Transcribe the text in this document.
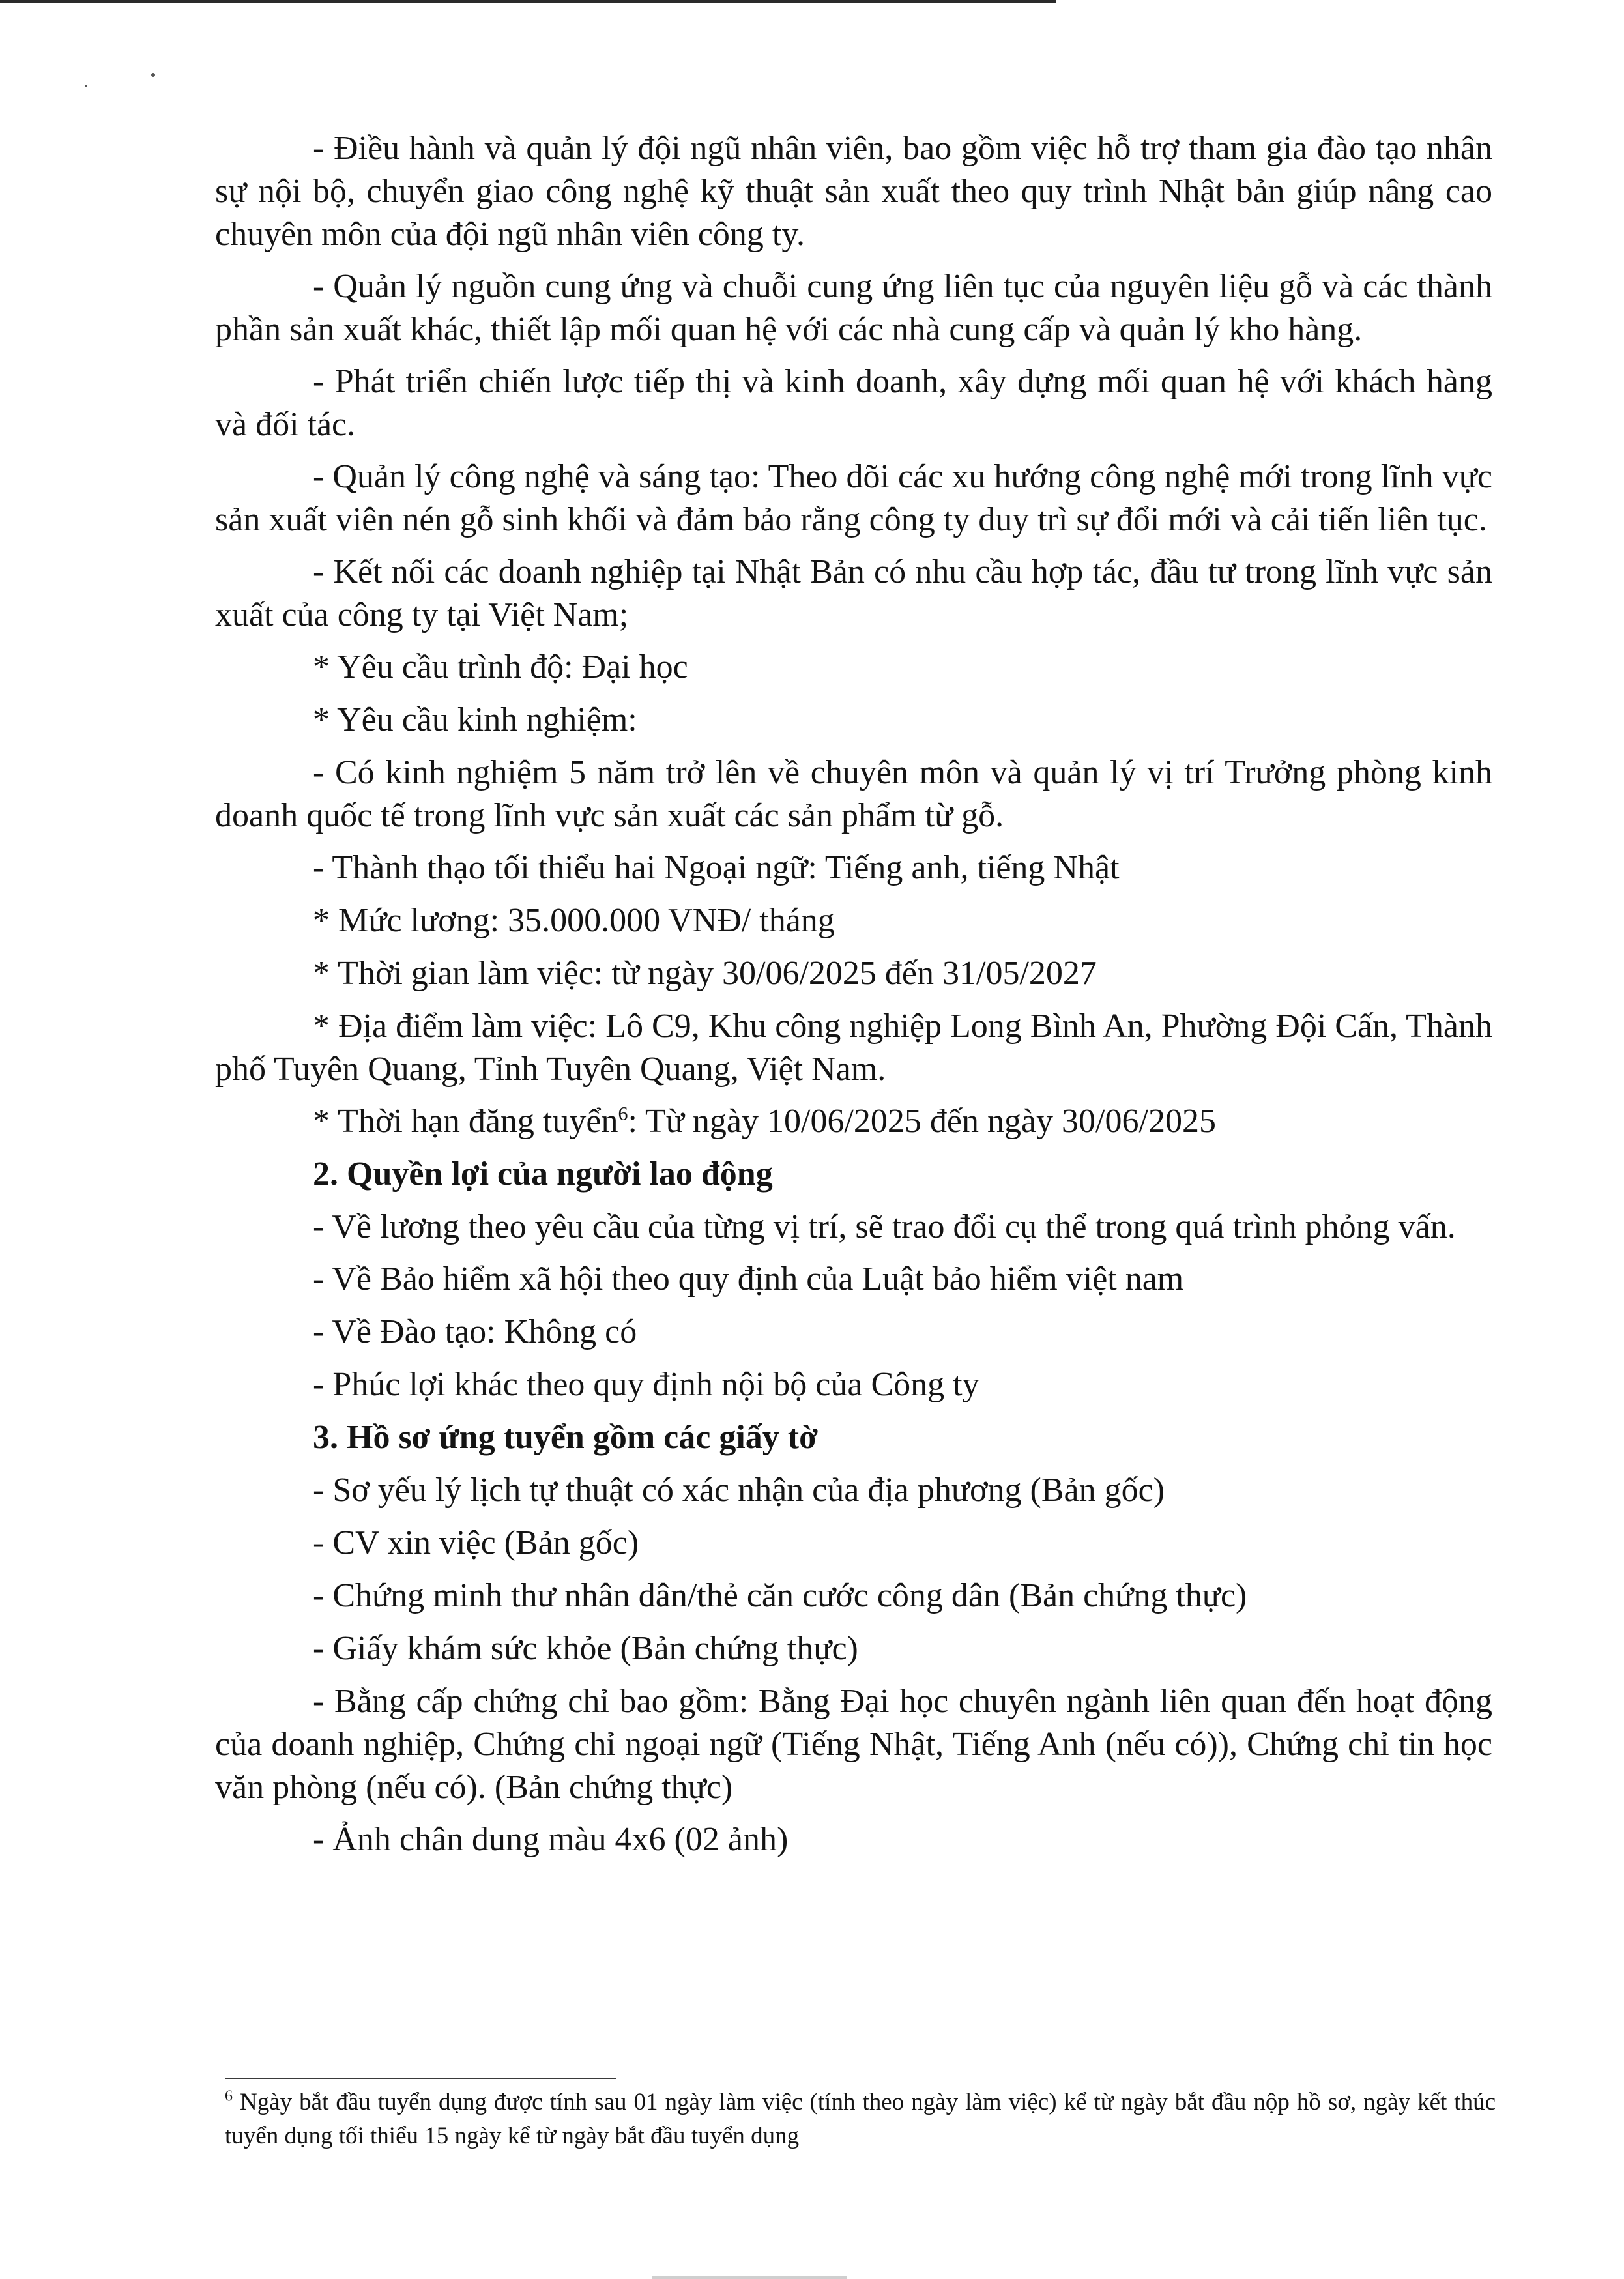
- Điều hành và quản lý đội ngũ nhân viên, bao gồm việc hỗ trợ tham gia đào tạo nhân sự nội bộ, chuyển giao công nghệ kỹ thuật sản xuất theo quy trình Nhật bản giúp nâng cao chuyên môn của đội ngũ nhân viên công ty.

- Quản lý nguồn cung ứng và chuỗi cung ứng liên tục của nguyên liệu gỗ và các thành phần sản xuất khác, thiết lập mối quan hệ với các nhà cung cấp và quản lý kho hàng.

- Phát triển chiến lược tiếp thị và kinh doanh, xây dựng mối quan hệ với khách hàng và đối tác.

- Quản lý công nghệ và sáng tạo: Theo dõi các xu hướng công nghệ mới trong lĩnh vực sản xuất viên nén gỗ sinh khối và đảm bảo rằng công ty duy trì sự đổi mới và cải tiến liên tục.

- Kết nối các doanh nghiệp tại Nhật Bản có nhu cầu hợp tác, đầu tư trong lĩnh vực sản xuất của công ty tại Việt Nam;

* Yêu cầu trình độ: Đại học
* Yêu cầu kinh nghiệm:

- Có kinh nghiệm 5 năm trở lên về chuyên môn và quản lý vị trí Trưởng phòng kinh doanh quốc tế trong lĩnh vực sản xuất các sản phẩm từ gỗ.

- Thành thạo tối thiểu hai Ngoại ngữ: Tiếng anh, tiếng Nhật
* Mức lương: 35.000.000 VNĐ/ tháng
* Thời gian làm việc: từ ngày 30/06/2025 đến 31/05/2027

* Địa điểm làm việc: Lô C9, Khu công nghiệp Long Bình An, Phường Đội Cấn, Thành phố Tuyên Quang, Tỉnh Tuyên Quang, Việt Nam.

* Thời hạn đăng tuyển$^6$: Từ ngày 10/06/2025 đến ngày 30/06/2025
2. Quyền lợi của người lao động

- Về lương theo yêu cầu của từng vị trí, sẽ trao đổi cụ thể trong quá trình phỏng vấn.

- Về Bảo hiểm xã hội theo quy định của Luật bảo hiểm việt nam
- Về Đào tạo: Không có
- Phúc lợi khác theo quy định nội bộ của Công ty
3. Hồ sơ ứng tuyển gồm các giấy tờ
- Sơ yếu lý lịch tự thuật có xác nhận của địa phương (Bản gốc)
- CV xin việc (Bản gốc)
- Chứng minh thư nhân dân/thẻ căn cước công dân (Bản chứng thực)
- Giấy khám sức khỏe (Bản chứng thực)

- Bằng cấp chứng chỉ bao gồm: Bằng Đại học chuyên ngành liên quan đến hoạt động của doanh nghiệp, Chứng chỉ ngoại ngữ (Tiếng Nhật, Tiếng Anh (nếu có)), Chứng chỉ tin học văn phòng (nếu có). (Bản chứng thực)

- Ảnh chân dung màu 4x6 (02 ảnh)

$^6$ Ngày bắt đầu tuyển dụng được tính sau 01 ngày làm việc (tính theo ngày làm việc) kể từ ngày bắt đầu nộp hồ sơ, ngày kết thúc tuyển dụng tối thiểu 15 ngày kể từ ngày bắt đầu tuyển dụng
